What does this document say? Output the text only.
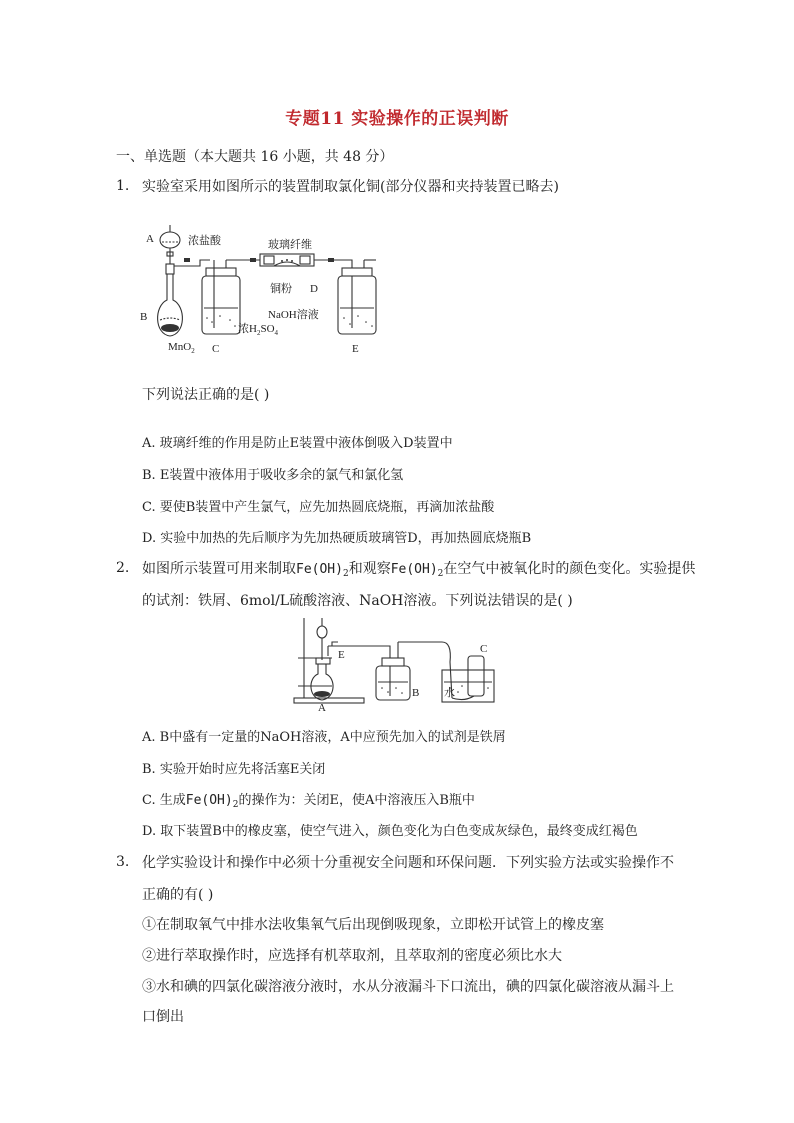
专题11 实验操作的正误判断
一、单选题（本大题共 16 小题，共 48 分）
1. 实验室采用如图所示的装置制取氯化铜(部分仪器和夹持装置已略去)
A	浓盐酸	玻璃纤维
B
铜粉 D
NaOH溶液
浓$H_2SO_4$
MnO$_2$ C	E
下列说法正确的是( )
A. 玻璃纤维的作用是防止E装置中液体倒吸入D装置中
B. E装置中液体用于吸收多余的氯气和氯化氢
C. 要使B装置中产生氯气，应先加热圆底烧瓶，再滴加浓盐酸
D. 实验中加热的先后顺序为先加热硬质玻璃管D，再加热圆底烧瓶B
2. 如图所示装置可用来制取$Fe(OH)_2$和观察$Fe(OH)_2$在空气中被氧化时的颜色变化。实验提供
的试剂：铁屑、6mol/L硫酸溶液、NaOH溶液。下列说法错误的是( )
E
A
B
C
水
A. B中盛有一定量的NaOH溶液，A中应预先加入的试剂是铁屑
B. 实验开始时应先将活塞E关闭
C. 生成$Fe(OH)_2$的操作为：关闭E，使A中溶液压入B瓶中
D. 取下装置B中的橡皮塞，使空气进入，颜色变化为白色变成灰绿色，最终变成红褐色
3. 化学实验设计和操作中必须十分重视安全问题和环保问题．下列实验方法或实验操作不
正确的有( )
①在制取氧气中排水法收集氧气后出现倒吸现象，立即松开试管上的橡皮塞
②进行萃取操作时，应选择有机萃取剂，且萃取剂的密度必须比水大
③水和碘的四氯化碳溶液分液时，水从分液漏斗下口流出，碘的四氯化碳溶液从漏斗上
口倒出
